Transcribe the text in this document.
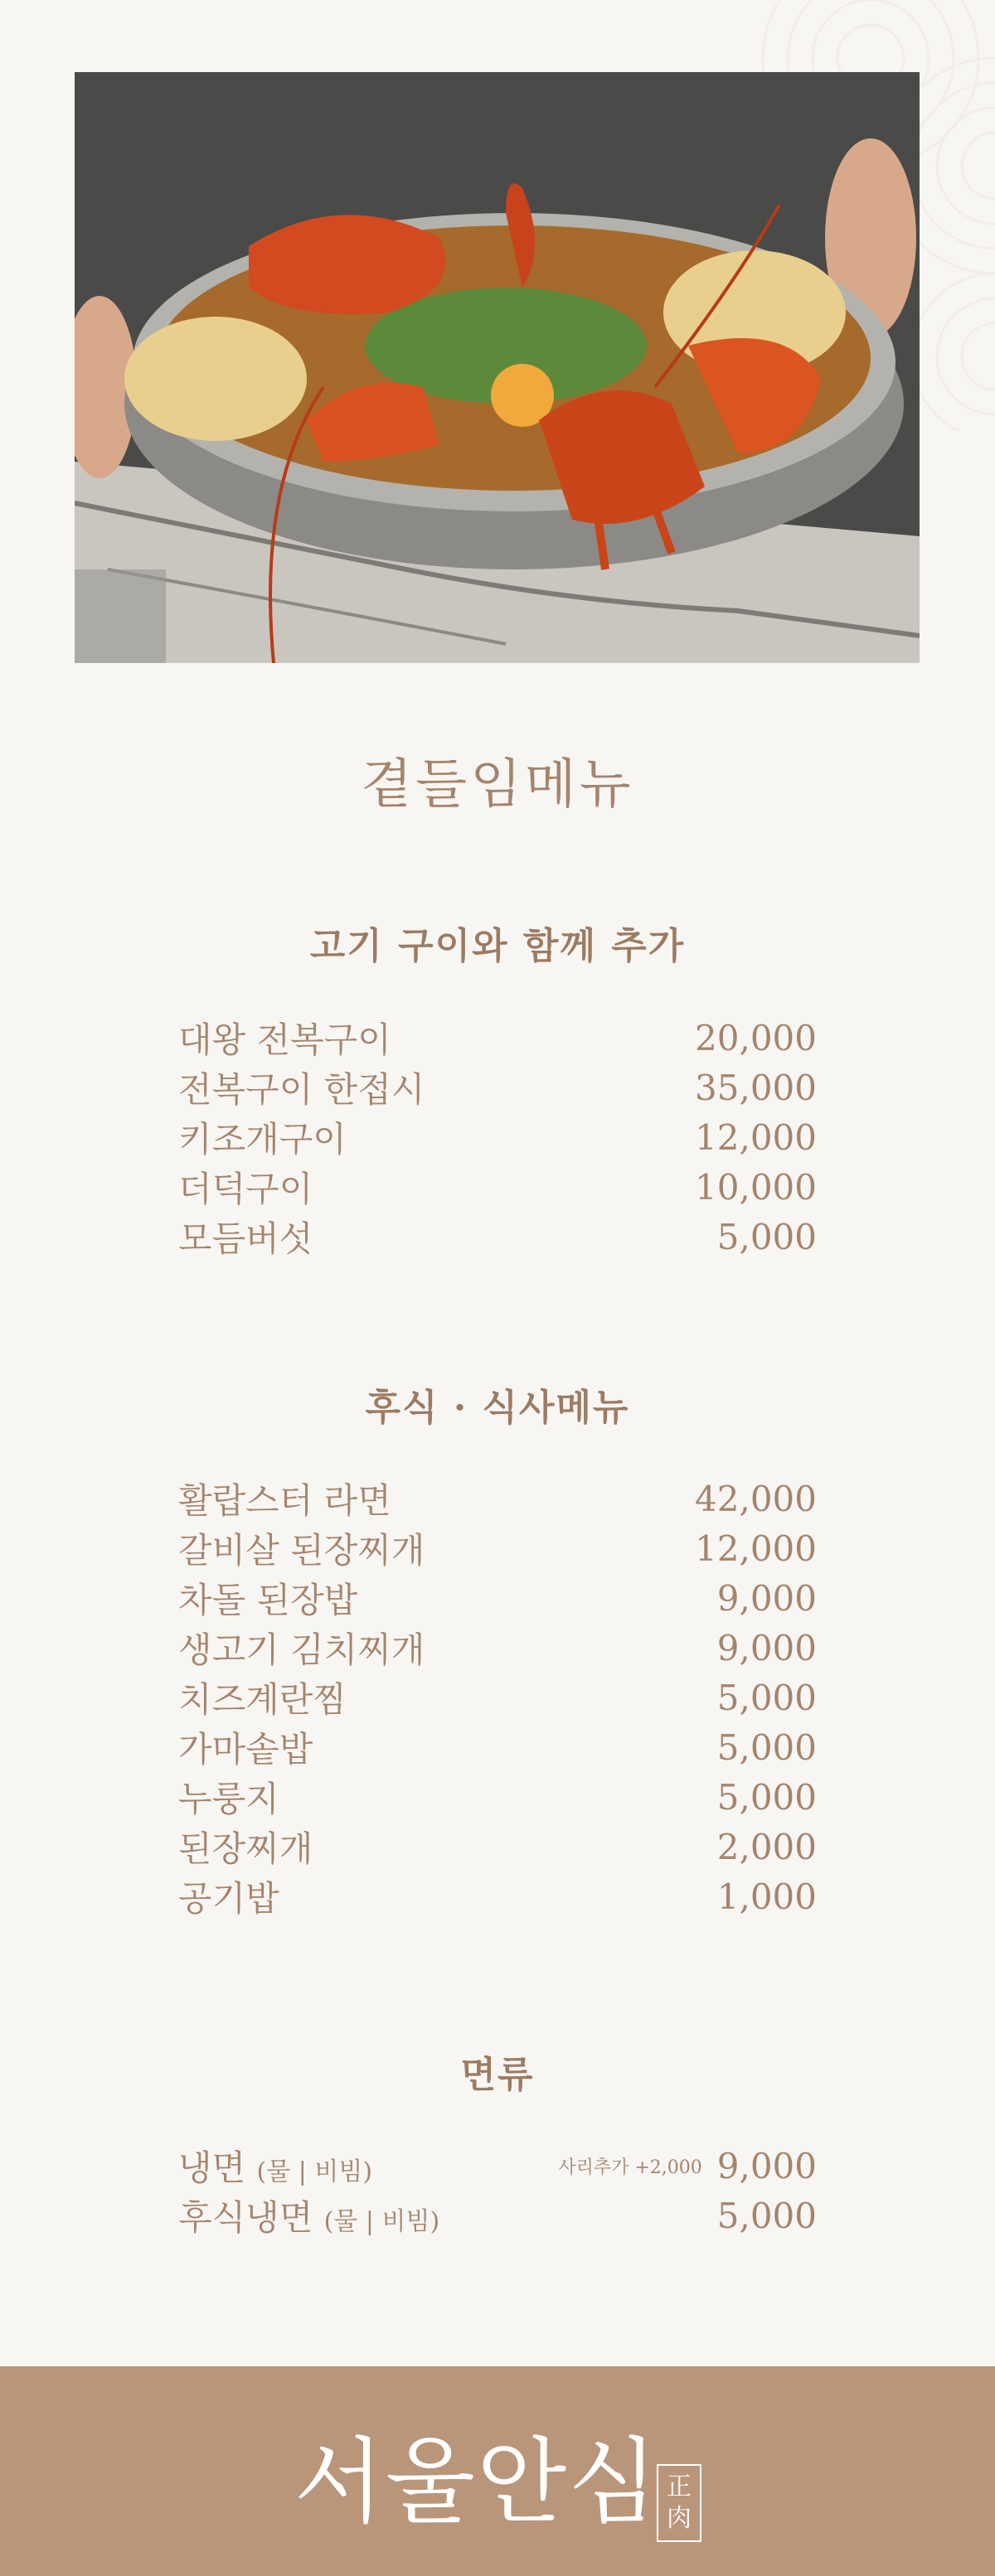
곁들임메뉴
고기 구이와 함께 추가
대왕 전복구이	20,000
전복구이 한접시	35,000
키조개구이	12,000
더덕구이	10,000
모듬버섯	5,000
후식 · 식사메뉴
활랍스터 라면	42,000
갈비살 된장찌개	12,000
차돌 된장밥	9,000
생고기 김치찌개	9,000
치즈계란찜	5,000
가마솥밥	5,000
누룽지	5,000
된장찌개	2,000
공기밥	1,000
면류
냉면 (물 | 비빔)	사리추가 +2,000 9,000
후식냉면 (물 | 비빔)	5,000
서울안심 正
肉
